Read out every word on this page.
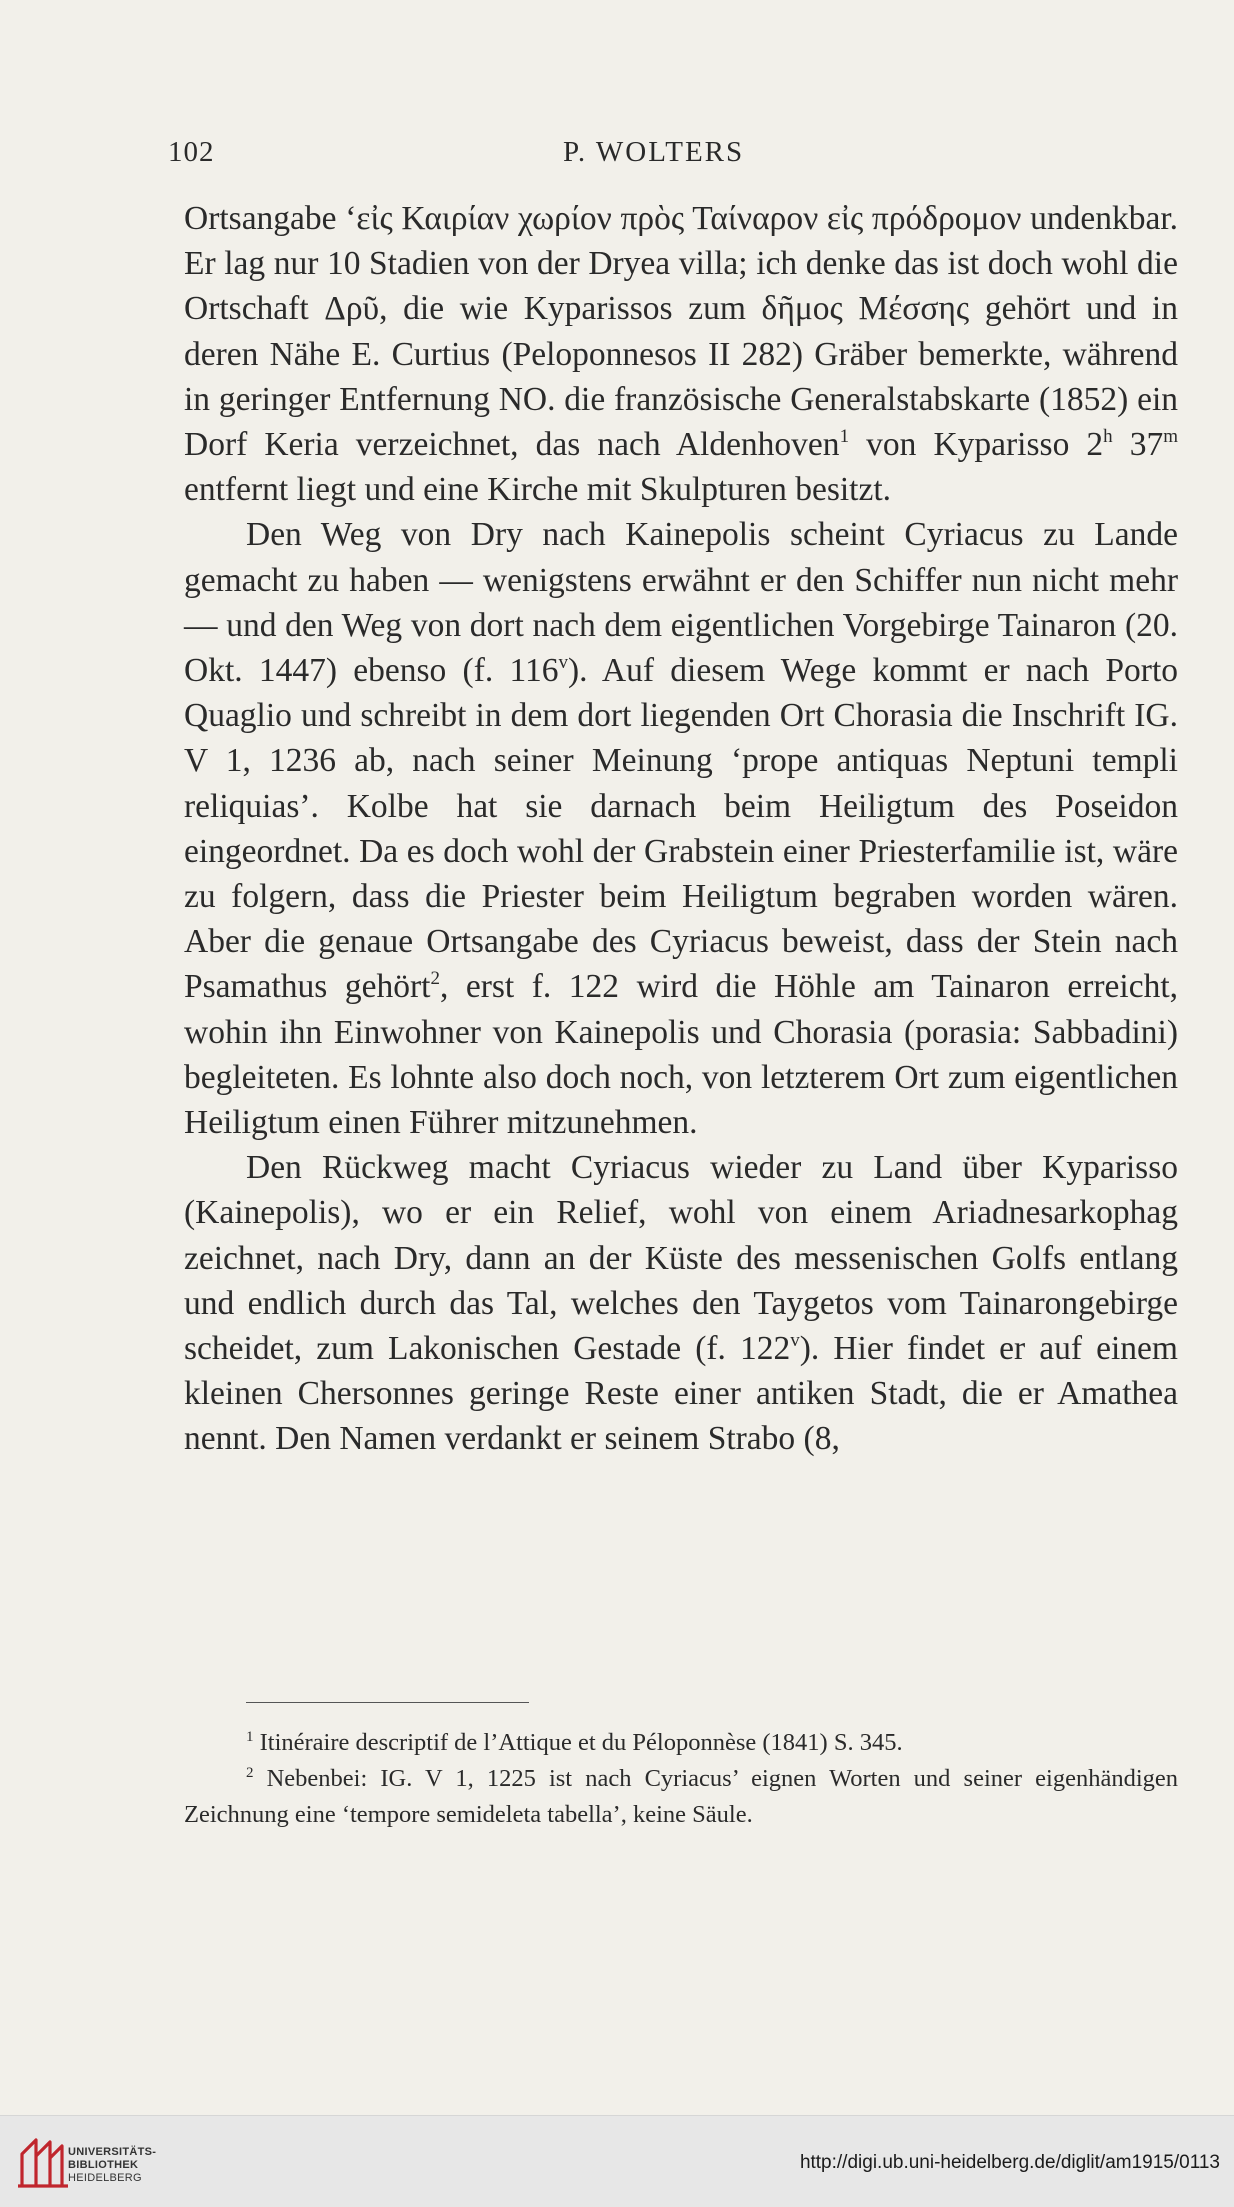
102	P. WOLTERS

Ortsangabe ‘εἰς Καιρίαν χωρίον πρὸς Ταίναρον εἰς πρόδρομον undenkbar. Er lag nur 10 Stadien von der Dryea villa; ich denke das ist doch wohl die Ortschaft Δρῦ, die wie Kyparissos zum δῆμος Μέσσης gehört und in deren Nähe E. Curtius (Peloponnesos II 282) Gräber bemerkte, während in geringer Entfernung NO. die französische Generalstabskarte (1852) ein Dorf Keria verzeichnet, das nach Aldenhoven$^1$ von Kyparisso 2$^h$ 37$^m$ entfernt liegt und eine Kirche mit Skulpturen besitzt.

Den Weg von Dry nach Kainepolis scheint Cyriacus zu Lande gemacht zu haben — wenigstens erwähnt er den Schiffer nun nicht mehr — und den Weg von dort nach dem eigentlichen Vorgebirge Tainaron (20. Okt. 1447) ebenso (f. 116$^v$). Auf diesem Wege kommt er nach Porto Quaglio und schreibt in dem dort liegenden Ort Chorasia die Inschrift IG. V 1, 1236 ab, nach seiner Meinung ‘prope antiquas Neptuni templi reliquias’. Kolbe hat sie darnach beim Heiligtum des Poseidon eingeordnet. Da es doch wohl der Grabstein einer Priesterfamilie ist, wäre zu folgern, dass die Priester beim Heiligtum begraben worden wären. Aber die genaue Ortsangabe des Cyriacus beweist, dass der Stein nach Psamathus gehört$^2$, erst f. 122 wird die Höhle am Tainaron erreicht, wohin ihn Einwohner von Kainepolis und Chorasia (porasia: Sabbadini) begleiteten. Es lohnte also doch noch, von letzterem Ort zum eigentlichen Heiligtum einen Führer mitzunehmen.

Den Rückweg macht Cyriacus wieder zu Land über Kyparisso (Kainepolis), wo er ein Relief, wohl von einem Ariadnesarkophag zeichnet, nach Dry, dann an der Küste des messenischen Golfs entlang und endlich durch das Tal, welches den Taygetos vom Tainarongebirge scheidet, zum Lakonischen Gestade (f. 122$^v$). Hier findet er auf einem kleinen Chersonnes geringe Reste einer antiken Stadt, die er Amathea nennt. Den Namen verdankt er seinem Strabo (8,

$^1$ Itinéraire descriptif de l’Attique et du Péloponnèse (1841) S. 345.

$^2$ Nebenbei: IG. V 1, 1225 ist nach Cyriacus’ eignen Worten und seiner eigenhändigen Zeichnung eine ‘tempore semideleta tabella’, keine Säule.

UNIVERSITÄTS-
BIBLIOTHEK
HEIDELBERG
http://digi.ub.uni-heidelberg.de/diglit/am1915/0113
